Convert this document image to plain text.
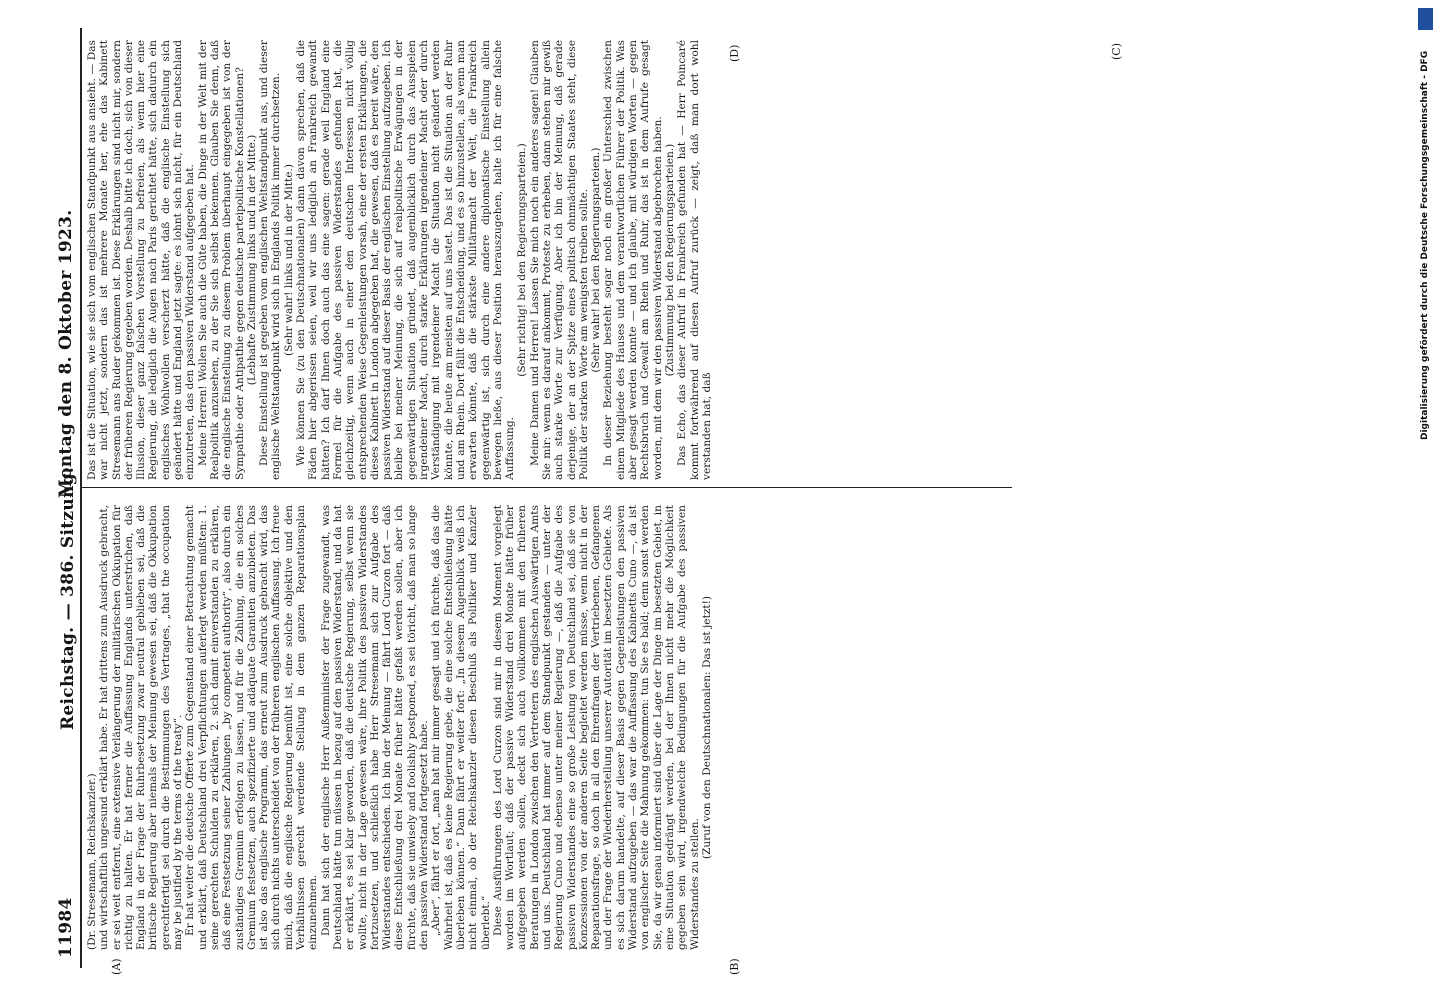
11984
Reichstag. — 386. Sitzung.
Montag den 8. Oktober 1923.
(A)	(B)
(C)
(D)

(Dr. Stresemann, Reichskanzler.) und wirtschaftlich ungesund erklärt habe. Er hat drittens zum Ausdruck gebracht, er sei weit entfernt, eine extensive Verlängerung der militärischen Okkupation für richtig zu halten. Er hat ferner die Auffassung Englands unterstrichen, daß England in der Frage der Ruhrbesetzung zwar neutral geblieben sei, daß die britische Regierung aber niemals der Meinung gewesen sei, daß die Okkupation gerechtfertigt sei durch die Bestimmungen des Vertrages, „that the occupation may be justified by the terms of the treaty“. Er hat weiter die deutsche Offerte zum Gegenstand einer Betrachtung gemacht und erklärt, daß Deutschland drei Verpflichtungen auferlegt werden müßten: 1. seine gerechten Schulden zu erklären, 2. sich damit einverstanden zu erklären, daß eine Festsetzung seiner Zahlungen „by competent authority“, also durch ein zuständiges Gremium erfolgen zu lassen, und für die Zahlung, die ein solches Gremium festsetzen, auch spezifizierte und adäquate Garantien anzubieten. Das ist also das englische Programm, das erneut zum Ausdruck gebracht wird, das sich durch nichts unterscheidet von der früheren englischen Auffassung. Ich freue mich, daß die englische Regierung bemüht ist, eine solche objektive und den Verhältnissen gerecht werdende Stellung in dem ganzen Reparationsplan einzunehmen. Dann hat sich der englische Herr Außenminister der Frage zugewandt, was Deutschland hätte tun müssen in bezug auf den passiven Widerstand, und da hat er erklärt, es sei klar geworden, daß die deutsche Regierung, selbst wenn sie wollte, nicht in der Lage gewesen wäre, ihre Politik des passiven Widerstandes fortzusetzen, und schließlich habe Herr Stresemann sich zur Aufgabe des Widerstandes entschieden. Ich bin der Meinung — fährt Lord Curzon fort — daß diese Entschließung drei Monate früher hätte gefaßt werden sollen, aber ich fürchte, daß sie unwisely and foolishly postponed, es sei töricht, daß man so lange den passiven Widerstand fortgesetzt habe. „Aber“, fährt er fort, „man hat mir immer gesagt und ich fürchte, daß das die Wahrheit ist, daß es keine Regierung gebe, die eine solche Entschließung hätte überleben können.“ Dann fährt er weiter fort: „In diesem Augenblick weiß ich nicht einmal, ob der Reichskanzler diesen Beschluß als Politiker und Kanzler überlebt.“ Diese Ausführungen des Lord Curzon sind mir in diesem Moment vorgelegt worden im Wortlaut; daß der passive Widerstand drei Monate hätte früher aufgegeben werden sollen, deckt sich auch vollkommen mit den früheren Beratungen in London zwischen den Vertretern des englischen Auswärtigen Amts und uns. Deutschland hat immer auf dem Standpunkt gestanden — unter der Regierung Cuno und ebenso unter meiner Regierung —, daß die Aufgabe des passiven Widerstandes eine so große Leistung von Deutschland sei, daß sie von Konzessionen von der anderen Seite begleitet werden müsse, wenn nicht in der Reparationsfrage, so doch in all den Ehrenfragen der Vertriebenen, Gefangenen und der Frage der Wiederherstellung unserer Autorität im besetzten Gebiete. Als es sich darum handelte, auf dieser Basis gegen Gegenleistungen den passiven Widerstand aufzugeben — das war die Auffassung des Kabinetts Cuno —, da ist von englischer Seite die Mahnung gekommen: tun Sie es bald; denn sonst werden Sie, da wir genau informiert sind über die Lage der Dinge im besetzten Gebiet, in eine Situation gedrängt werden, bei der Ihnen nicht mehr die Möglichkeit gegeben sein wird, irgendwelche Bedingungen für die Aufgabe des passiven Widerstandes zu stellen.

(Zuruf von den Deutschnationalen: Das ist jetzt!)

Das ist die Situation, wie sie sich vom englischen Standpunkt aus ansieht. — Das war nicht jetzt, sondern das ist mehrere Monate her, ehe das Kabinett Stresemann ans Ruder gekommen ist. Diese Erklärungen sind nicht mir, sondern der früheren Regierung gegeben worden. Deshalb bitte ich doch, sich von dieser Illusion, dieser ganz falschen Vorstellung zu befreien, als wenn hier eine Regierung, die lediglich die Augen nach Paris gerichtet hätte, sich dadurch ein englisches Wohlwollen verscherzt hätte, daß die englische Einstellung sich geändert hätte und England jetzt sagte: es lohnt sich nicht, für ein Deutschland einzutreten, das den passiven Widerstand aufgegeben hat. Meine Herren! Wollen Sie auch die Güte haben, die Dinge in der Welt mit der Realpolitik anzusehen, zu der Sie sich selbst bekennen. Glauben Sie denn, daß die englische Einstellung zu diesem Problem überhaupt eingegeben ist von der Sympathie oder Antipathie gegen deutsche parteipolitische Konstellationen? (Lebhafte Zustimmung links und in der Mitte.) Diese Einstellung ist gegeben vom englischen Weltstandpunkt aus, und dieser englische Weltstandpunkt wird sich in Englands Politik immer durchsetzen. (Sehr wahr! links und in der Mitte.) Wie können Sie (zu den Deutschnationalen) dann davon sprechen, daß die Fäden hier abgerissen seien, weil wir uns lediglich an Frankreich gewandt hätten? Ich darf Ihnen doch auch das eine sagen: gerade weil England eine Formel für die Aufgabe des passiven Widerstandes gefunden hat, die gleichzeitig, wenn auch in einer den deutschen Interessen nicht völlig entsprechenden Weise Gegenleistungen vorsah, eine der ersten Erklärungen, die dieses Kabinett in London abgegeben hat, die gewesen, daß es bereit wäre, den passiven Widerstand auf dieser Basis der englischen Einstellung aufzugeben. Ich bleibe bei meiner Meinung, die sich auf realpolitische Erwägungen in der gegenwärtigen Situation gründet, daß augenblicklich durch das Ausspielen irgendeiner Macht, durch starke Erklärungen irgendeiner Macht oder durch Verständigung mit irgendeiner Macht die Situation nicht geändert werden könnte, die heute am meisten auf uns lastet. Das ist die Situation an der Ruhr und am Rhein. Dort fällt die Entscheidung, und es so hinzustellen, als wenn man erwarten könnte, daß die stärkste Militärmacht der Welt, die Frankreich gegenwärtig ist, sich durch eine andere diplomatische Einstellung allein bewegen ließe, aus dieser Position herauszugehen, halte ich für eine falsche Auffassung.

(Sehr richtig! bei den Regierungsparteien.) Meine Damen und Herren! Lassen Sie mich noch ein anderes sagen! Glauben Sie mir: wenn es darauf ankommt, Proteste zu erheben, dann stehen mir gewiß auch starke Worte zur Verfügung. Aber ich bin der Meinung, daß gerade derjenige, der an der Spitze eines politisch ohnmächtigen Staates steht, diese Politik der starken Worte am wenigsten treiben sollte. (Sehr wahr! bei den Regierungsparteien.) In dieser Beziehung besteht sogar noch ein großer Unterschied zwischen einem Mitgliede des Hauses und dem verantwortlichen Führer der Politik. Was aber gesagt werden konnte — und ich glaube, mit würdigen Worten — gegen Rechtsbruch und Gewalt am Rhein und Ruhr, das ist in dem Aufrufe gesagt worden, mit dem wir den passiven Widerstand abgebrochen haben. (Zustimmung bei den Regierungsparteien.) Das Echo, das dieser Aufruf in Frankreich gefunden hat — Herr Poincaré kommt fortwährend auf diesen Aufruf zurück — zeigt, daß man dort wohl verstanden hat, daß	Digitalisierung gefördert durch die Deutsche Forschungsgemeinschaft - DFG
